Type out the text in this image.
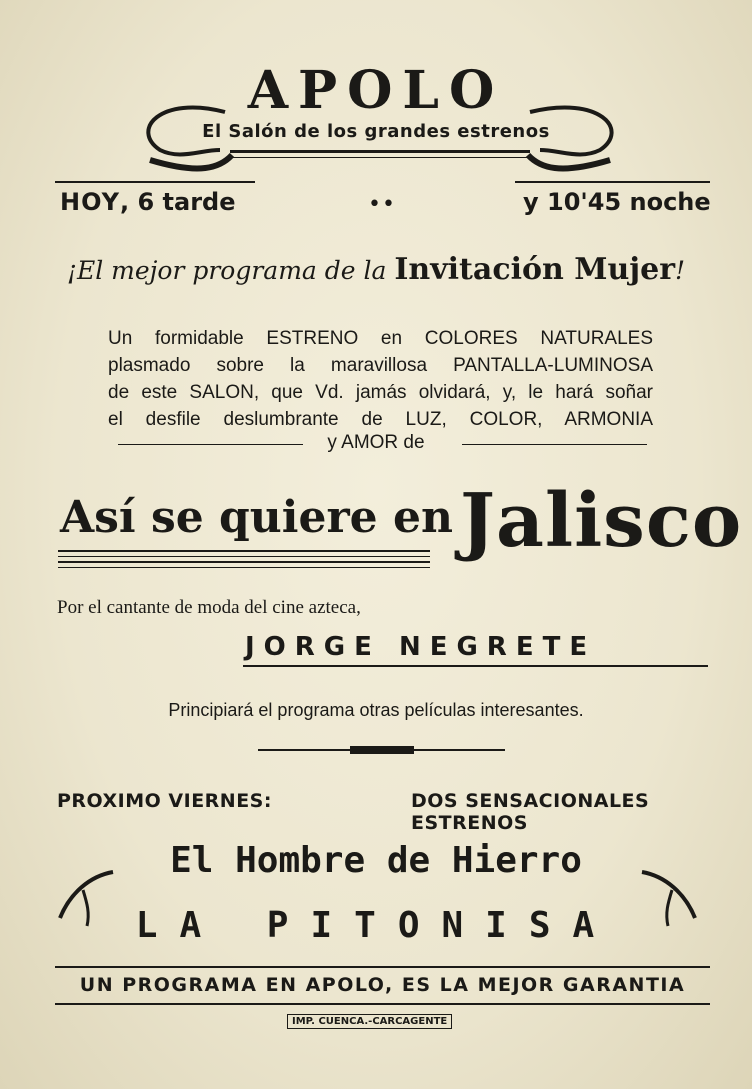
APOLO
El Salón de los grandes estrenos
HOY, 6 tarde	••	y 10'45 noche
¡El mejor programa de la Invitación Mujer!
Un formidable ESTRENO en COLORES NATURALES
plasmado sobre la maravillosa PANTALLA-LUMINOSA
de este SALON, que Vd. jamás olvidará, y, le hará soñar
el desfile deslumbrante de LUZ, COLOR, ARMONIA
y AMOR de
Así se quiere en Jalisco
Por el cantante de moda del cine azteca,
JORGE NEGRETE
Principiará el programa otras películas interesantes.
PROXIMO VIERNES:	DOS SENSACIONALES ESTRENOS
El Hombre de Hierro
LA PITONISA
UN PROGRAMA EN APOLO, ES LA MEJOR GARANTIA
IMP. CUENCA.-CARCAGENTE
